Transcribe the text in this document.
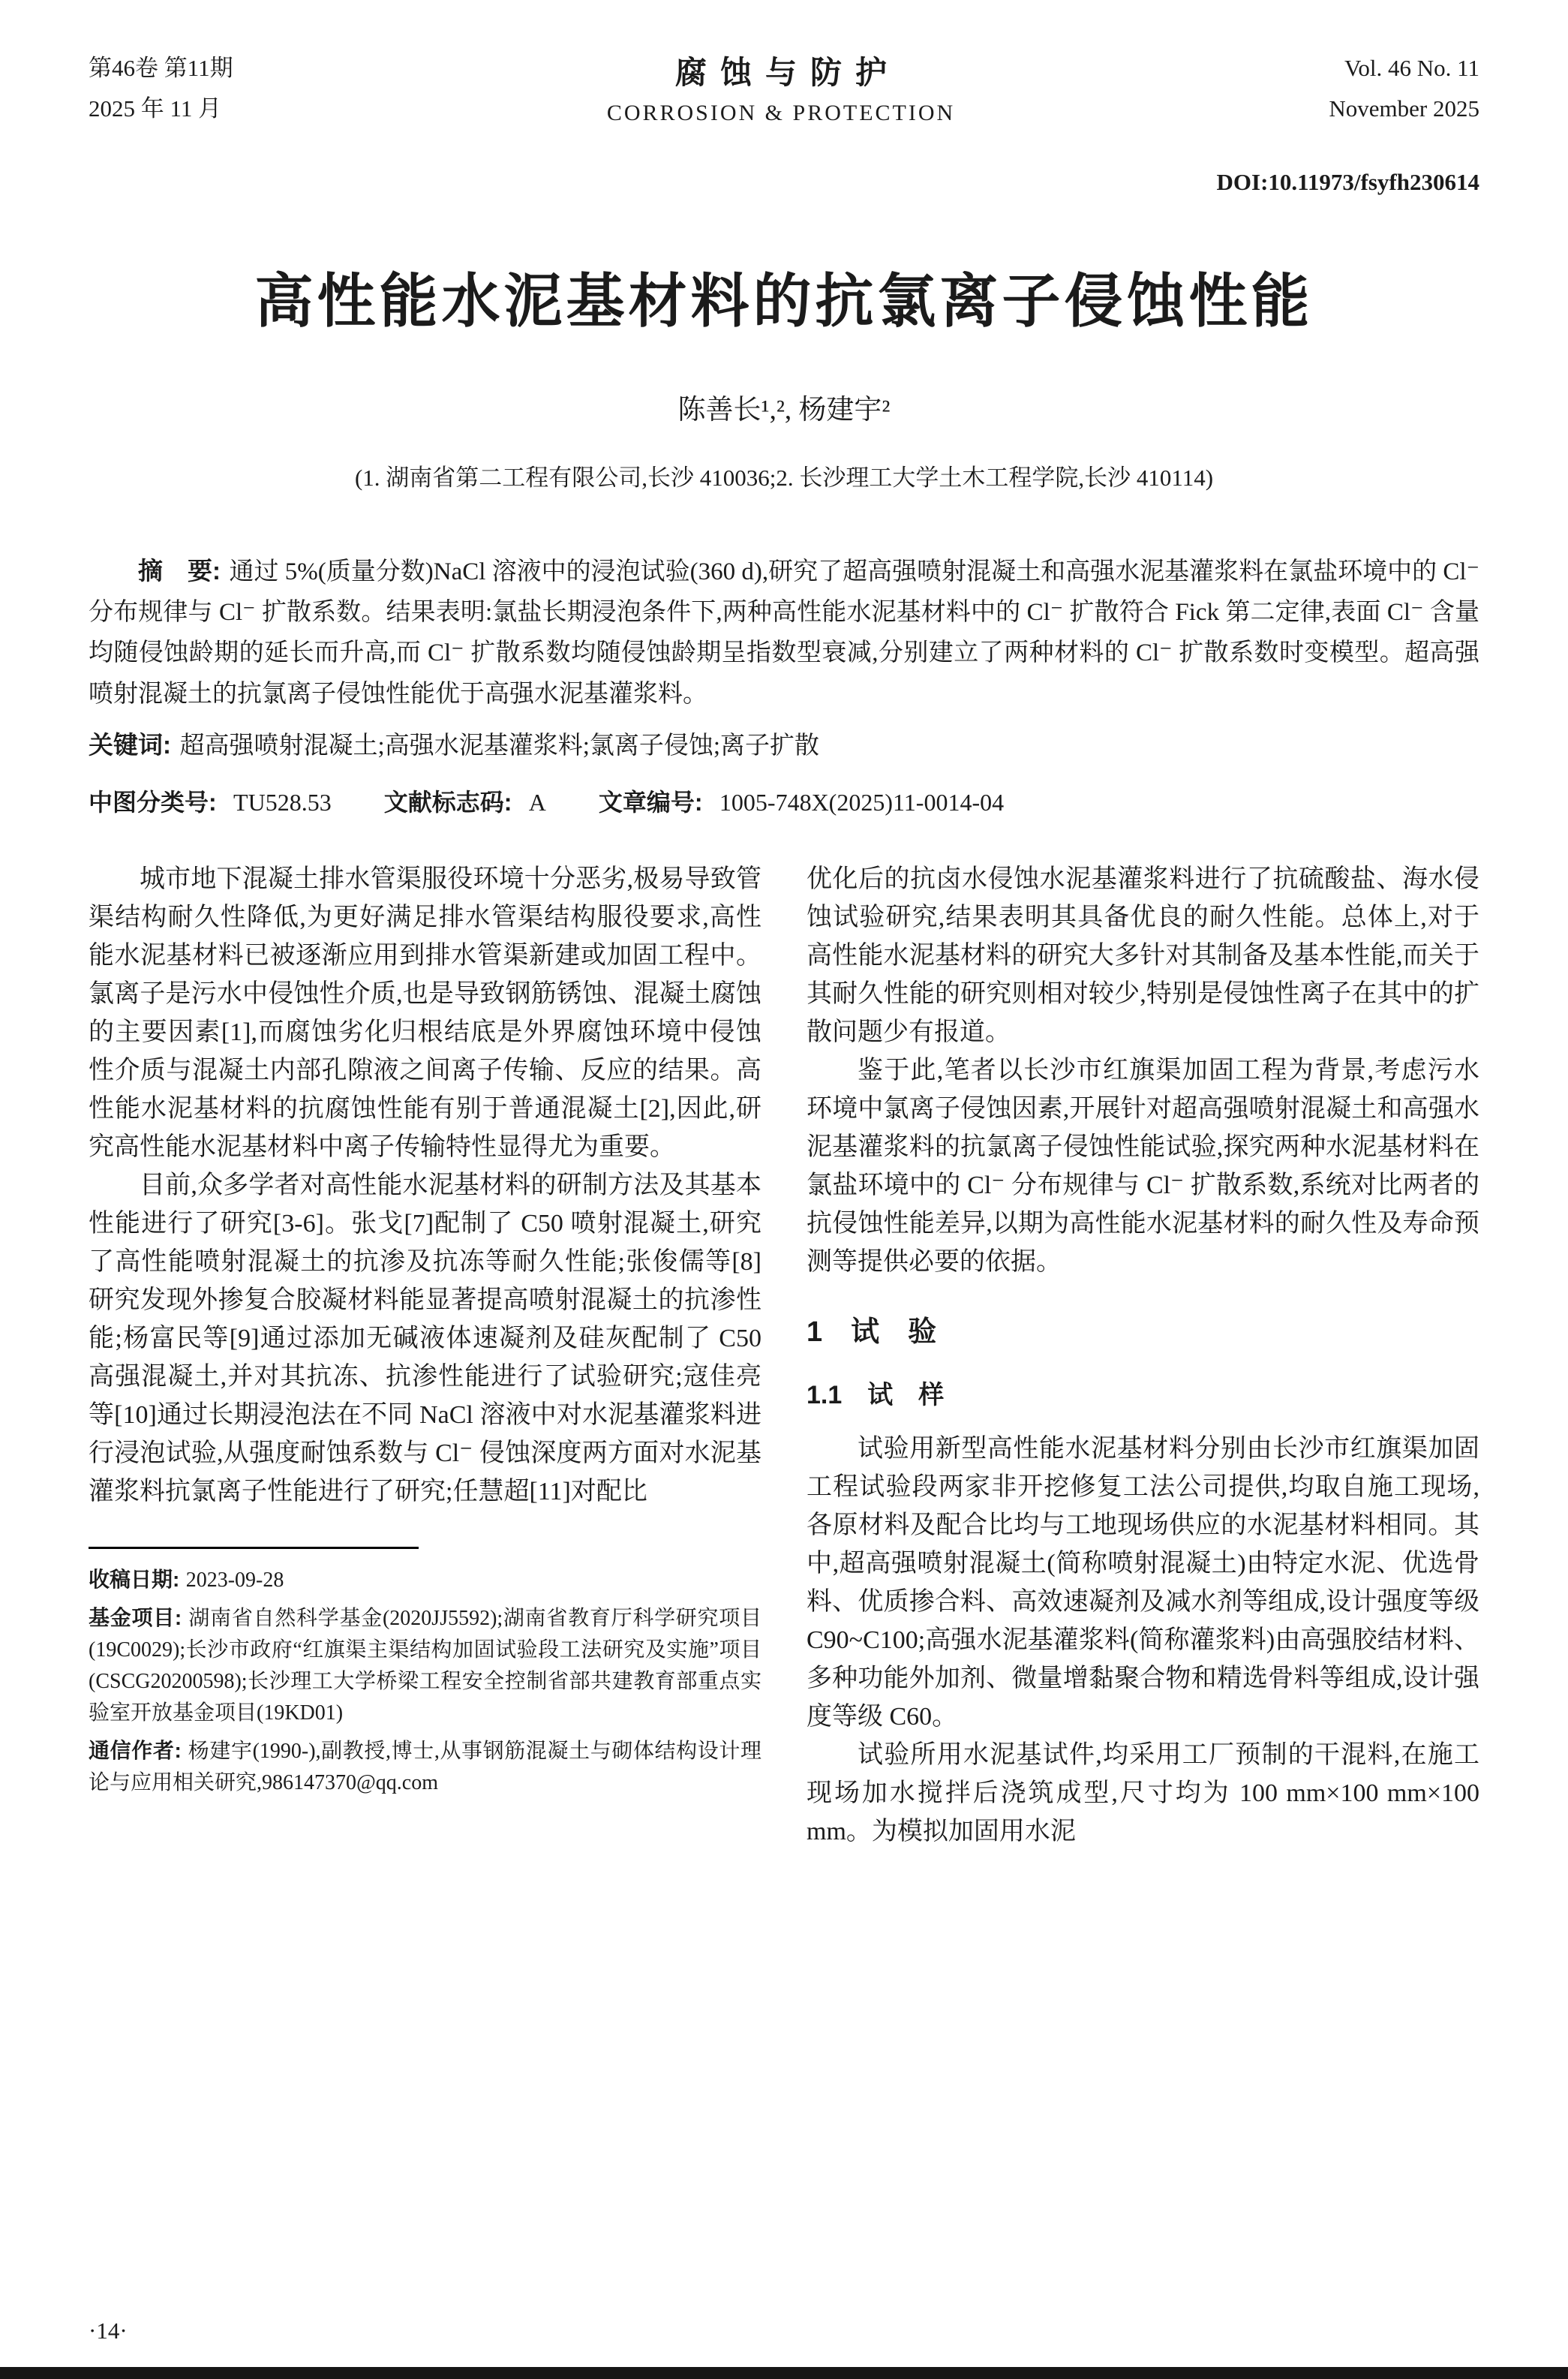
第46卷 第11期
2025 年 11 月
腐蚀与防护
CORROSION & PROTECTION
Vol. 46 No. 11
November 2025
DOI:10.11973/fsyfh230614
高性能水泥基材料的抗氯离子侵蚀性能
陈善长¹,², 杨建宇²
(1. 湖南省第二工程有限公司,长沙 410036;2. 长沙理工大学土木工程学院,长沙 410114)

摘　要: 通过 5%(质量分数)NaCl 溶液中的浸泡试验(360 d),研究了超高强喷射混凝土和高强水泥基灌浆料在氯盐环境中的 Cl⁻ 分布规律与 Cl⁻ 扩散系数。结果表明:氯盐长期浸泡条件下,两种高性能水泥基材料中的 Cl⁻ 扩散符合 Fick 第二定律,表面 Cl⁻ 含量均随侵蚀龄期的延长而升高,而 Cl⁻ 扩散系数均随侵蚀龄期呈指数型衰减,分别建立了两种材料的 Cl⁻ 扩散系数时变模型。超高强喷射混凝土的抗氯离子侵蚀性能优于高强水泥基灌浆料。

关键词: 超高强喷射混凝土;高强水泥基灌浆料;氯离子侵蚀;离子扩散

中图分类号: TU528.53 文献标志码: A 文章编号: 1005-748X(2025)11-0014-04

城市地下混凝土排水管渠服役环境十分恶劣,极易导致管渠结构耐久性降低,为更好满足排水管渠结构服役要求,高性能水泥基材料已被逐渐应用到排水管渠新建或加固工程中。氯离子是污水中侵蚀性介质,也是导致钢筋锈蚀、混凝土腐蚀的主要因素[1],而腐蚀劣化归根结底是外界腐蚀环境中侵蚀性介质与混凝土内部孔隙液之间离子传输、反应的结果。高性能水泥基材料的抗腐蚀性能有别于普通混凝土[2],因此,研究高性能水泥基材料中离子传输特性显得尤为重要。

目前,众多学者对高性能水泥基材料的研制方法及其基本性能进行了研究[3-6]。张戈[7]配制了 C50 喷射混凝土,研究了高性能喷射混凝土的抗渗及抗冻等耐久性能;张俊儒等[8]研究发现外掺复合胶凝材料能显著提高喷射混凝土的抗渗性能;杨富民等[9]通过添加无碱液体速凝剂及硅灰配制了 C50 高强混凝土,并对其抗冻、抗渗性能进行了试验研究;寇佳亮等[10]通过长期浸泡法在不同 NaCl 溶液中对水泥基灌浆料进行浸泡试验,从强度耐蚀系数与 Cl⁻ 侵蚀深度两方面对水泥基灌浆料抗氯离子性能进行了研究;任慧超[11]对配比

收稿日期: 2023-09-28

基金项目: 湖南省自然科学基金(2020JJ5592);湖南省教育厅科学研究项目(19C0029);长沙市政府“红旗渠主渠结构加固试验段工法研究及实施”项目(CSCG20200598);长沙理工大学桥梁工程安全控制省部共建教育部重点实验室开放基金项目(19KD01)

通信作者: 杨建宇(1990-),副教授,博士,从事钢筋混凝土与砌体结构设计理论与应用相关研究,986147370@qq.com

优化后的抗卤水侵蚀水泥基灌浆料进行了抗硫酸盐、海水侵蚀试验研究,结果表明其具备优良的耐久性能。总体上,对于高性能水泥基材料的研究大多针对其制备及基本性能,而关于其耐久性能的研究则相对较少,特别是侵蚀性离子在其中的扩散问题少有报道。

鉴于此,笔者以长沙市红旗渠加固工程为背景,考虑污水环境中氯离子侵蚀因素,开展针对超高强喷射混凝土和高强水泥基灌浆料的抗氯离子侵蚀性能试验,探究两种水泥基材料在氯盐环境中的 Cl⁻ 分布规律与 Cl⁻ 扩散系数,系统对比两者的抗侵蚀性能差异,以期为高性能水泥基材料的耐久性及寿命预测等提供必要的依据。

1　试　验
1.1　试　样

试验用新型高性能水泥基材料分别由长沙市红旗渠加固工程试验段两家非开挖修复工法公司提供,均取自施工现场,各原材料及配合比均与工地现场供应的水泥基材料相同。其中,超高强喷射混凝土(简称喷射混凝土)由特定水泥、优选骨料、优质掺合料、高效速凝剂及减水剂等组成,设计强度等级 C90~C100;高强水泥基灌浆料(简称灌浆料)由高强胶结材料、多种功能外加剂、微量增黏聚合物和精选骨料等组成,设计强度等级 C60。

试验所用水泥基试件,均采用工厂预制的干混料,在施工现场加水搅拌后浇筑成型,尺寸均为 100 mm×100 mm×100 mm。为模拟加固用水泥

·14·
